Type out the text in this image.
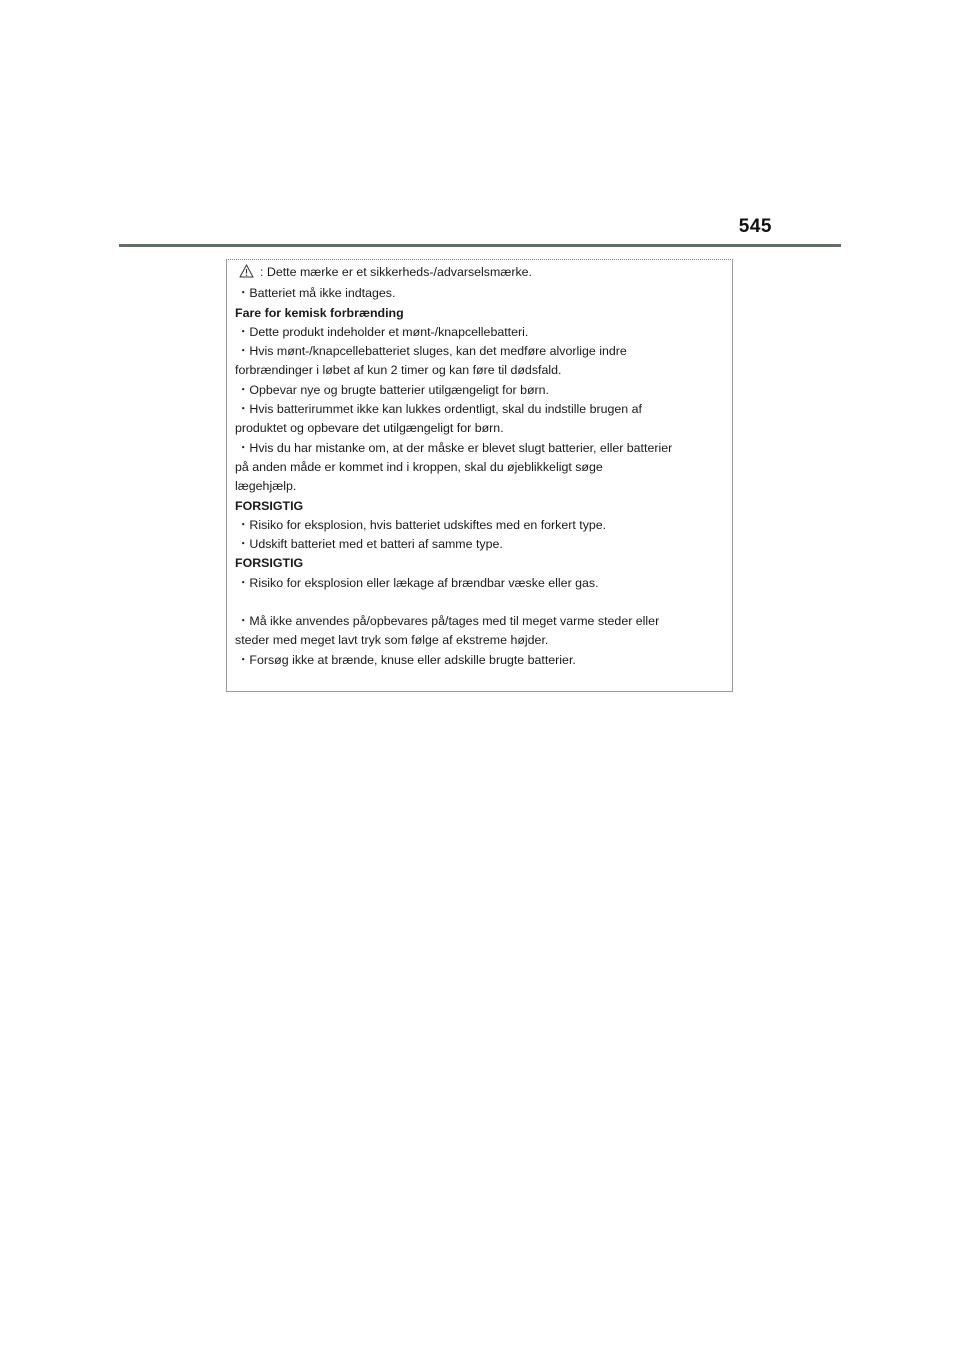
545
: Dette mærke er et sikkerheds-/advarselsmærke.
・Batteriet må ikke indtages.
Fare for kemisk forbrænding
・Dette produkt indeholder et mønt-/knapcellebatteri.
・Hvis mønt-/knapcellebatteriet sluges, kan det medføre alvorlige indre
forbrændinger i løbet af kun 2 timer og kan føre til dødsfald.
・Opbevar nye og brugte batterier utilgængeligt for børn.
・Hvis batterirummet ikke kan lukkes ordentligt, skal du indstille brugen af
produktet og opbevare det utilgængeligt for børn.
・Hvis du har mistanke om, at der måske er blevet slugt batterier, eller batterier
på anden måde er kommet ind i kroppen, skal du øjeblikkeligt søge
lægehjælp.
FORSIGTIG
・Risiko for eksplosion, hvis batteriet udskiftes med en forkert type.
・Udskift batteriet med et batteri af samme type.
FORSIGTIG
・Risiko for eksplosion eller lækage af brændbar væske eller gas.
・Må ikke anvendes på/opbevares på/tages med til meget varme steder eller
steder med meget lavt tryk som følge af ekstreme højder.
・Forsøg ikke at brænde, knuse eller adskille brugte batterier.
